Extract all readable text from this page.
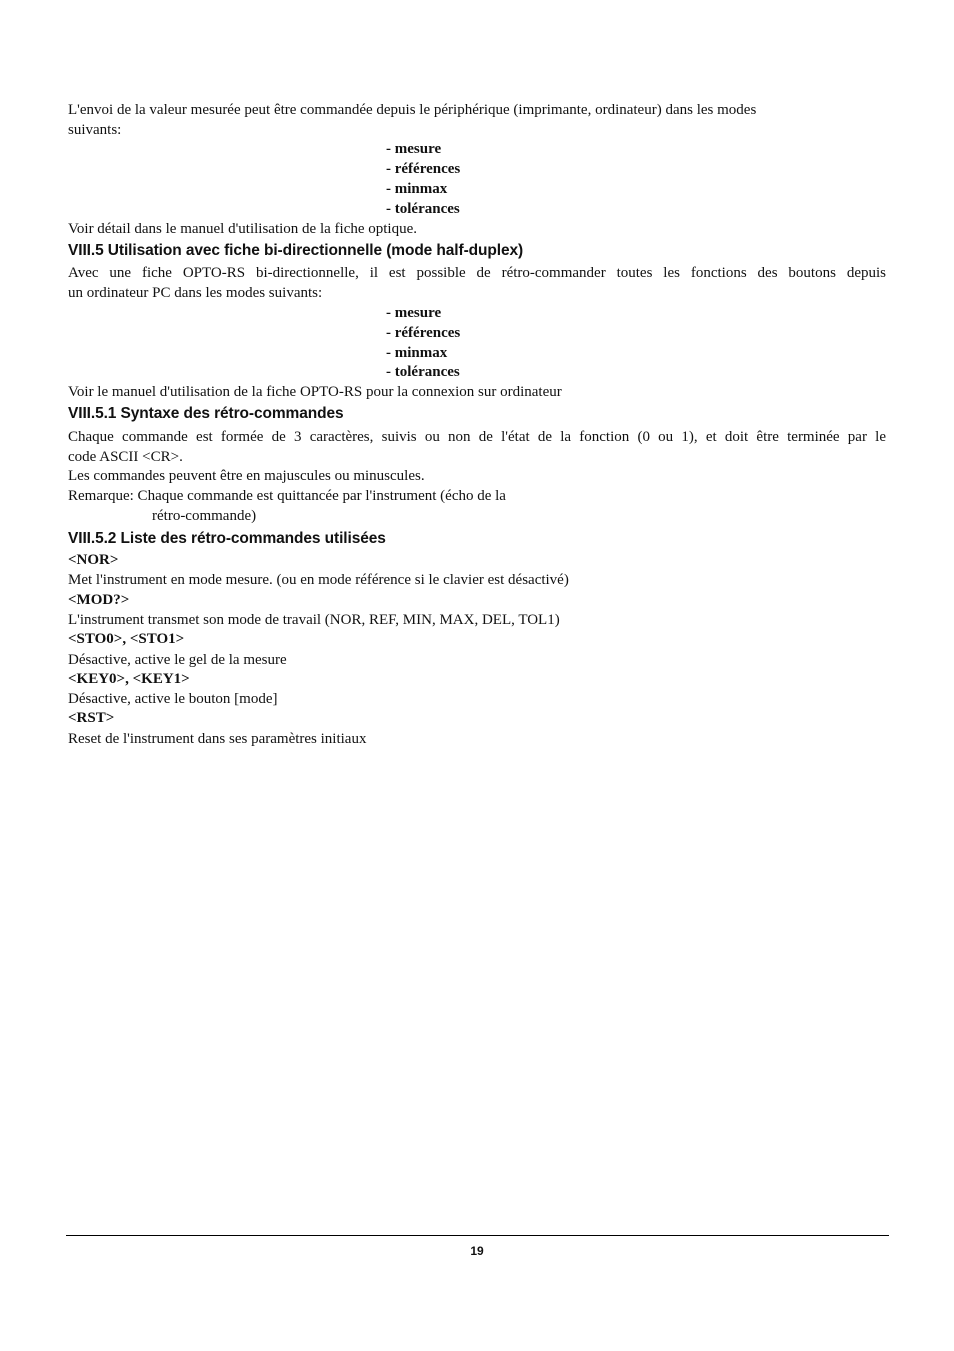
L'envoi de la valeur mesurée peut être commandée depuis le périphérique (imprimante, ordinateur) dans les modes
suivants:
- mesure
- références
- minmax
- tolérances
Voir détail dans le manuel d'utilisation de la fiche optique.
VIII.5 Utilisation avec fiche bi-directionnelle (mode half-duplex)
Avec une fiche OPTO-RS bi-directionnelle, il est possible de rétro-commander toutes les fonctions des boutons depuis
un ordinateur PC dans les modes suivants:
- mesure
- références
- minmax
- tolérances
Voir le manuel d'utilisation de la fiche OPTO-RS pour la connexion sur ordinateur
VIII.5.1 Syntaxe des rétro-commandes
Chaque commande est formée de 3 caractères, suivis ou non de l'état de la fonction (0 ou 1), et doit être terminée par le
code ASCII <CR>.
Les commandes peuvent être en majuscules ou minuscules.
Remarque: Chaque commande est quittancée par l'instrument (écho de la
rétro-commande)
VIII.5.2 Liste des rétro-commandes utilisées
<NOR>
Met l'instrument en mode mesure. (ou en mode référence si le clavier est désactivé)
<MOD?>
L'instrument transmet son mode de travail (NOR, REF, MIN, MAX, DEL, TOL1)
<STO0>, <STO1>
Désactive, active le gel de la mesure
<KEY0>, <KEY1>
Désactive, active le bouton [mode]
<RST>
Reset de l'instrument dans ses paramètres initiaux
19
